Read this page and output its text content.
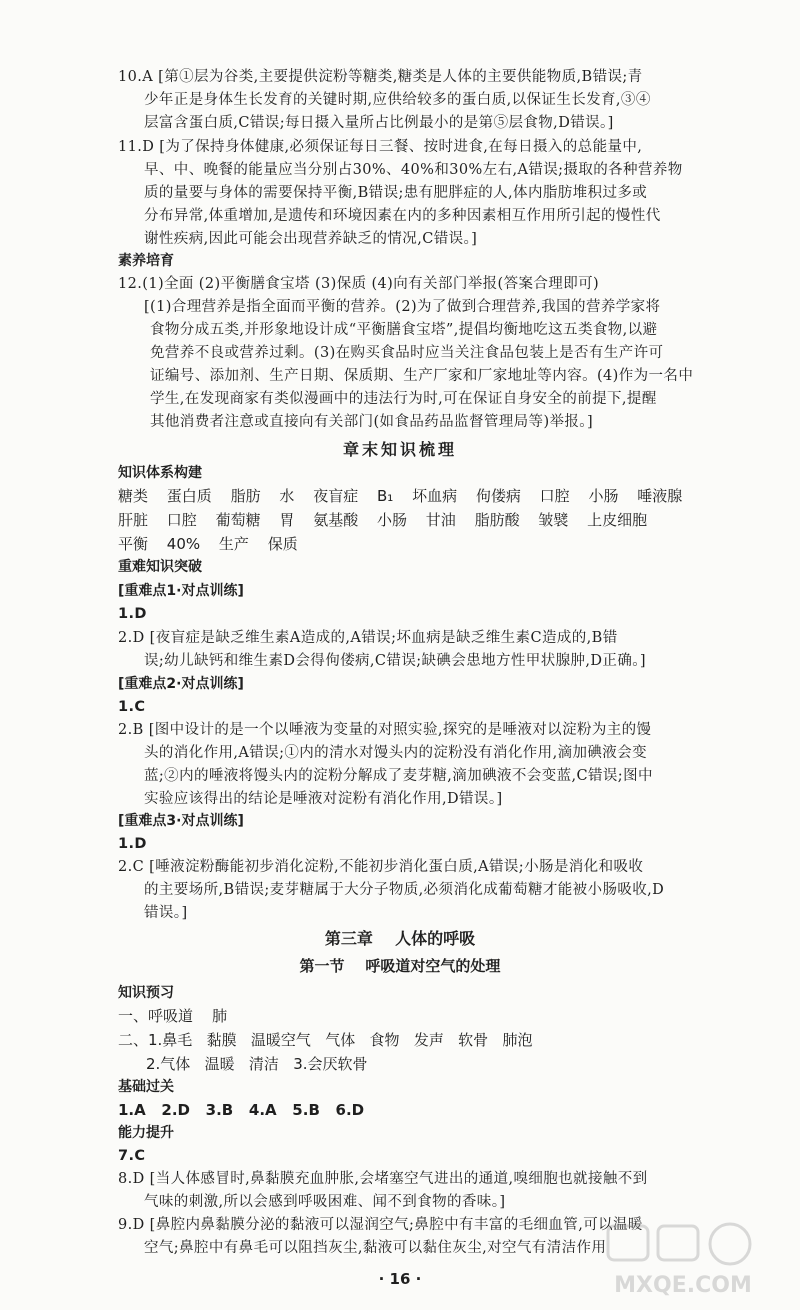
10.A [第①层为谷类,主要提供淀粉等糖类,糖类是人体的主要供能物质,B错误;青
少年正是身体生长发育的关键时期,应供给较多的蛋白质,以保证生长发育,③④
层富含蛋白质,C错误;每日摄入量所占比例最小的是第⑤层食物,D错误。]
11.D [为了保持身体健康,必须保证每日三餐、按时进食,在每日摄入的总能量中,
早、中、晚餐的能量应当分别占30%、40%和30%左右,A错误;摄取的各种营养物
质的量要与身体的需要保持平衡,B错误;患有肥胖症的人,体内脂肪堆积过多或
分布异常,体重增加,是遗传和环境因素在内的多种因素相互作用所引起的慢性代
谢性疾病,因此可能会出现营养缺乏的情况,C错误。]
素养培育
12.(1)全面 (2)平衡膳食宝塔 (3)保质 (4)向有关部门举报(答案合理即可)
[(1)合理营养是指全面而平衡的营养。(2)为了做到合理营养,我国的营养学家将
食物分成五类,并形象地设计成“平衡膳食宝塔”,提倡均衡地吃这五类食物,以避
免营养不良或营养过剩。(3)在购买食品时应当关注食品包装上是否有生产许可
证编号、添加剂、生产日期、保质期、生产厂家和厂家地址等内容。(4)作为一名中
学生,在发现商家有类似漫画中的违法行为时,可在保证自身安全的前提下,提醒
其他消费者注意或直接向有关部门(如食品药品监督管理局等)举报。]
章末知识梳理
知识体系构建
糖类 蛋白质 脂肪 水 夜盲症 B₁ 坏血病 佝偻病 口腔 小肠 唾液腺
肝脏 口腔 葡萄糖 胃 氨基酸 小肠 甘油 脂肪酸 皱襞 上皮细胞
平衡 40% 生产 保质
重难知识突破
[重难点1·对点训练]
1.D
2.D [夜盲症是缺乏维生素A造成的,A错误;坏血病是缺乏维生素C造成的,B错
误;幼儿缺钙和维生素D会得佝偻病,C错误;缺碘会患地方性甲状腺肿,D正确。]
[重难点2·对点训练]
1.C
2.B [图中设计的是一个以唾液为变量的对照实验,探究的是唾液对以淀粉为主的馒
头的消化作用,A错误;①内的清水对馒头内的淀粉没有消化作用,滴加碘液会变
蓝;②内的唾液将馒头内的淀粉分解成了麦芽糖,滴加碘液不会变蓝,C错误;图中
实验应该得出的结论是唾液对淀粉有消化作用,D错误。]
[重难点3·对点训练]
1.D
2.C [唾液淀粉酶能初步消化淀粉,不能初步消化蛋白质,A错误;小肠是消化和吸收
的主要场所,B错误;麦芽糖属于大分子物质,必须消化成葡萄糖才能被小肠吸收,D
错误。]
第三章    人体的呼吸
第一节    呼吸道对空气的处理
知识预习
一、呼吸道    肺
二、1.鼻毛   黏膜   温暖空气   气体   食物   发声   软骨   肺泡
2.气体   温暖   清洁   3.会厌软骨
基础过关
1.A   2.D   3.B   4.A   5.B   6.D
能力提升
7.C
8.D [当人体感冒时,鼻黏膜充血肿胀,会堵塞空气进出的通道,嗅细胞也就接触不到
气味的刺激,所以会感到呼吸困难、闻不到食物的香味。]
9.D [鼻腔内鼻黏膜分泌的黏液可以湿润空气;鼻腔中有丰富的毛细血管,可以温暖
空气;鼻腔中有鼻毛可以阻挡灰尘,黏液可以黏住灰尘,对空气有清洁作用
· 16 ·	MXQE.COM
